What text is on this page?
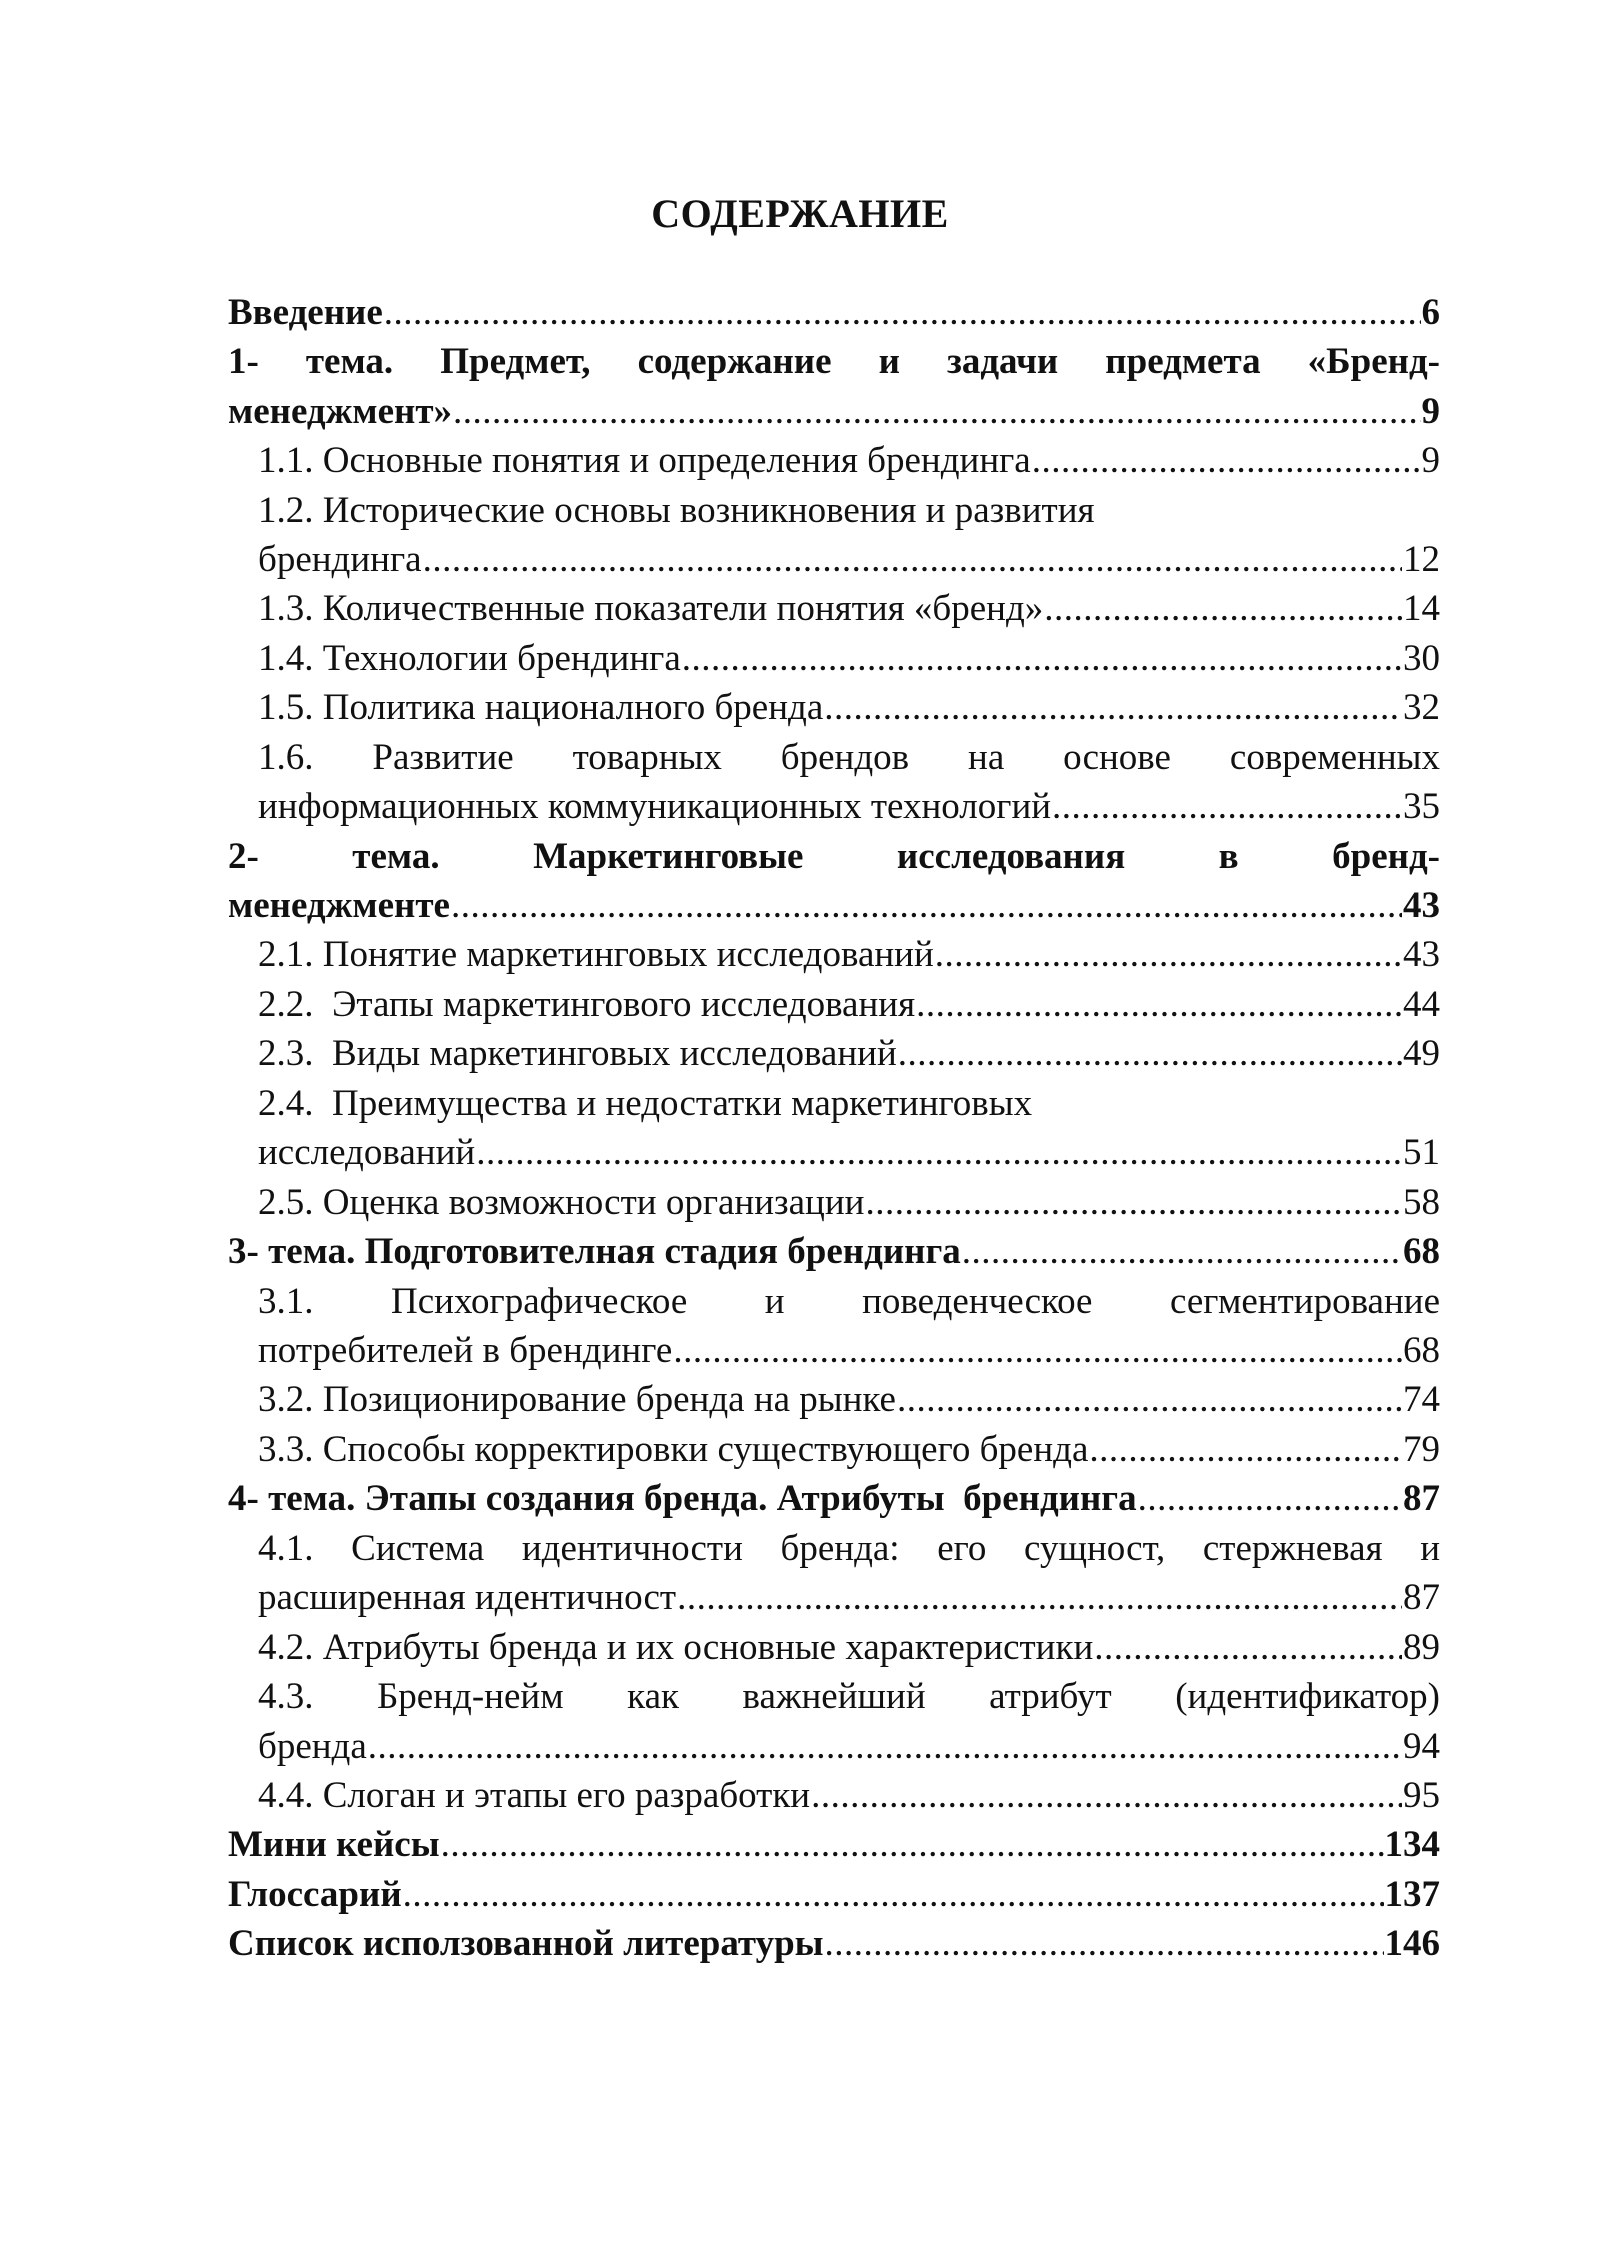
СОДЕРЖАНИЕ
Введение .....	6
1- тема. Предмет, содержание и задачи предмета «Бренд-
менеджмент» .....	9
1.1. Основные понятия и определения брендинга .....	9
1.2. Исторические основы возникновения и развития
брендинга .....	12
1.3. Количественные показатели понятия «бренд» .....	14
1.4. Технологии брендинга .....	30
1.5. Политика националного бренда .....	32
1.6. Развитие товарных брендов на основе современных
информационных коммуникационных технологий .....	35
2- тема. Маркетинговые исследования в бренд-
менеджменте .....	43
2.1. Понятие маркетинговых исследований .....	43
2.2. Этапы маркетингового исследования .....	44
2.3. Виды маркетинговых исследований .....	49
2.4. Преимущества и недостатки маркетинговых
исследований .....	51
2.5. Оценка возможности организации .....	58
3- тема. Подготовителная стадия брендинга .....	68
3.1. Психографическое и поведенческое сегментирование
потребителей в брендинге .....	68
3.2. Позиционирование бренда на рынке .....	74
3.3. Способы корректировки существующего бренда .....	79
4- тема. Этапы создания бренда. Атрибуты  брендинга .....	87
4.1. Система идентичности бренда: его сущност, стержневая и
расширенная идентичност .....	87
4.2. Атрибуты бренда и их основные характеристики .....	89
4.3. Бренд-нейм как важнейший атрибут (идентификатор)
бренда .....	94
4.4. Слоган и этапы его разработки .....	95
Мини кейсы .....	134
Глоссарий .....	137
Список исползованной литературы .....	146
